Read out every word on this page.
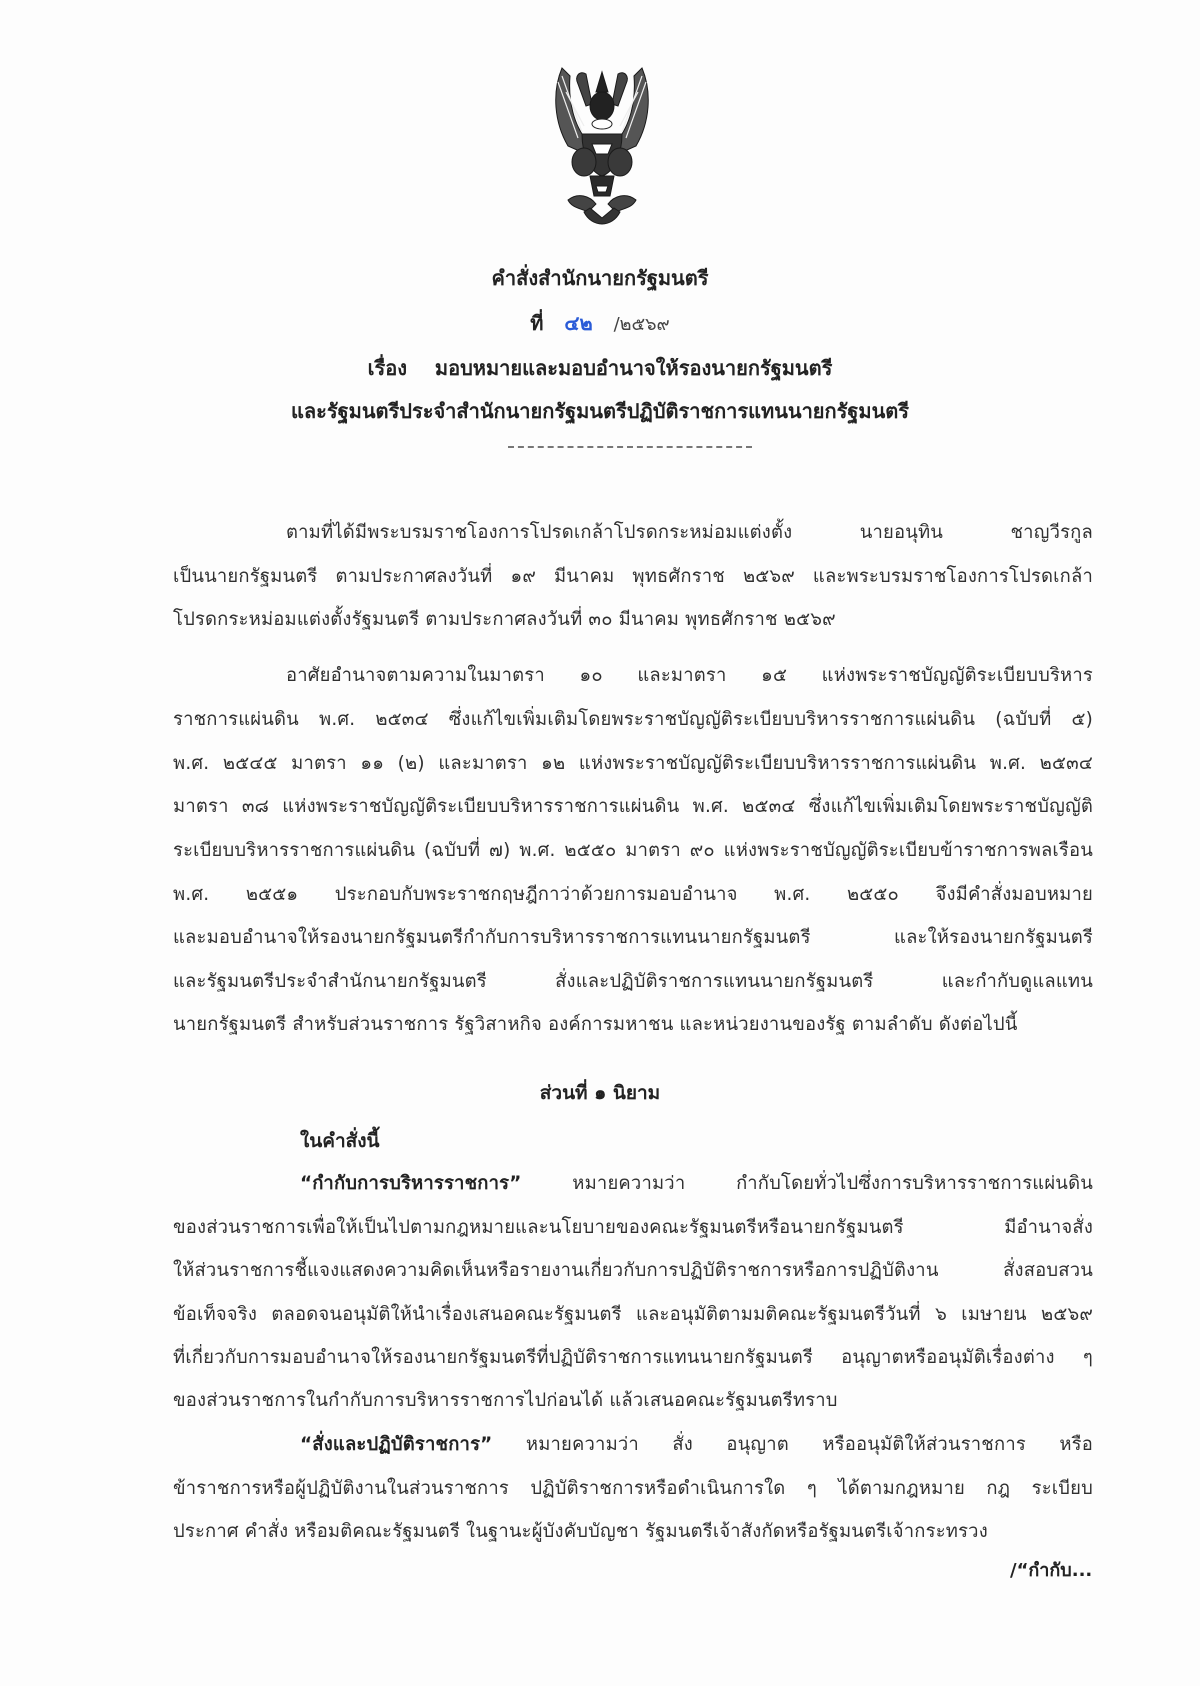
คำสั่งสำนักนายกรัฐมนตรี
ที่ ๔๒ /๒๕๖๙
เรื่อง มอบหมายและมอบอำนาจให้รองนายกรัฐมนตรี
และรัฐมนตรีประจำสำนักนายกรัฐมนตรีปฏิบัติราชการแทนนายกรัฐมนตรี
ตามที่ได้มีพระบรมราชโองการโปรดเกล้าโปรดกระหม่อมแต่งตั้ง นายอนุทิน ชาญวีรกูล
เป็นนายกรัฐมนตรี ตามประกาศลงวันที่ ๑๙ มีนาคม พุทธศักราช ๒๕๖๙ และพระบรมราชโองการโปรดเกล้า
โปรดกระหม่อมแต่งตั้งรัฐมนตรี ตามประกาศลงวันที่ ๓๐ มีนาคม พุทธศักราช ๒๕๖๙
อาศัยอำนาจตามความในมาตรา ๑๐ และมาตรา ๑๕ แห่งพระราชบัญญัติระเบียบบริหาร
ราชการแผ่นดิน พ.ศ. ๒๕๓๔ ซึ่งแก้ไขเพิ่มเติมโดยพระราชบัญญัติระเบียบบริหารราชการแผ่นดิน (ฉบับที่ ๕)
พ.ศ. ๒๕๔๕ มาตรา ๑๑ (๒) และมาตรา ๑๒ แห่งพระราชบัญญัติระเบียบบริหารราชการแผ่นดิน พ.ศ. ๒๕๓๔
มาตรา ๓๘ แห่งพระราชบัญญัติระเบียบบริหารราชการแผ่นดิน พ.ศ. ๒๕๓๔ ซึ่งแก้ไขเพิ่มเติมโดยพระราชบัญญัติ
ระเบียบบริหารราชการแผ่นดิน (ฉบับที่ ๗) พ.ศ. ๒๕๕๐ มาตรา ๙๐ แห่งพระราชบัญญัติระเบียบข้าราชการพลเรือน
พ.ศ. ๒๕๕๑ ประกอบกับพระราชกฤษฎีกาว่าด้วยการมอบอำนาจ พ.ศ. ๒๕๕๐ จึงมีคำสั่งมอบหมาย
และมอบอำนาจให้รองนายกรัฐมนตรีกำกับการบริหารราชการแทนนายกรัฐมนตรี และให้รองนายกรัฐมนตรี
และรัฐมนตรีประจำสำนักนายกรัฐมนตรี สั่งและปฏิบัติราชการแทนนายกรัฐมนตรี และกำกับดูแลแทน
นายกรัฐมนตรี สำหรับส่วนราชการ รัฐวิสาหกิจ องค์การมหาชน และหน่วยงานของรัฐ ตามลำดับ ดังต่อไปนี้
ส่วนที่ ๑ นิยาม
ในคำสั่งนี้
“กำกับการบริหารราชการ” หมายความว่า กำกับโดยทั่วไปซึ่งการบริหารราชการแผ่นดิน
ของส่วนราชการเพื่อให้เป็นไปตามกฎหมายและนโยบายของคณะรัฐมนตรีหรือนายกรัฐมนตรี มีอำนาจสั่ง
ให้ส่วนราชการชี้แจงแสดงความคิดเห็นหรือรายงานเกี่ยวกับการปฏิบัติราชการหรือการปฏิบัติงาน สั่งสอบสวน
ข้อเท็จจริง ตลอดจนอนุมัติให้นำเรื่องเสนอคณะรัฐมนตรี และอนุมัติตามมติคณะรัฐมนตรีวันที่ ๖ เมษายน ๒๕๖๙
ที่เกี่ยวกับการมอบอำนาจให้รองนายกรัฐมนตรีที่ปฏิบัติราชการแทนนายกรัฐมนตรี อนุญาตหรืออนุมัติเรื่องต่าง ๆ
ของส่วนราชการในกำกับการบริหารราชการไปก่อนได้ แล้วเสนอคณะรัฐมนตรีทราบ
“สั่งและปฏิบัติราชการ” หมายความว่า สั่ง อนุญาต หรืออนุมัติให้ส่วนราชการ หรือ
ข้าราชการหรือผู้ปฏิบัติงานในส่วนราชการ ปฏิบัติราชการหรือดำเนินการใด ๆ ได้ตามกฎหมาย กฎ ระเบียบ
ประกาศ คำสั่ง หรือมติคณะรัฐมนตรี ในฐานะผู้บังคับบัญชา รัฐมนตรีเจ้าสังกัดหรือรัฐมนตรีเจ้ากระทรวง
/“กำกับ...
